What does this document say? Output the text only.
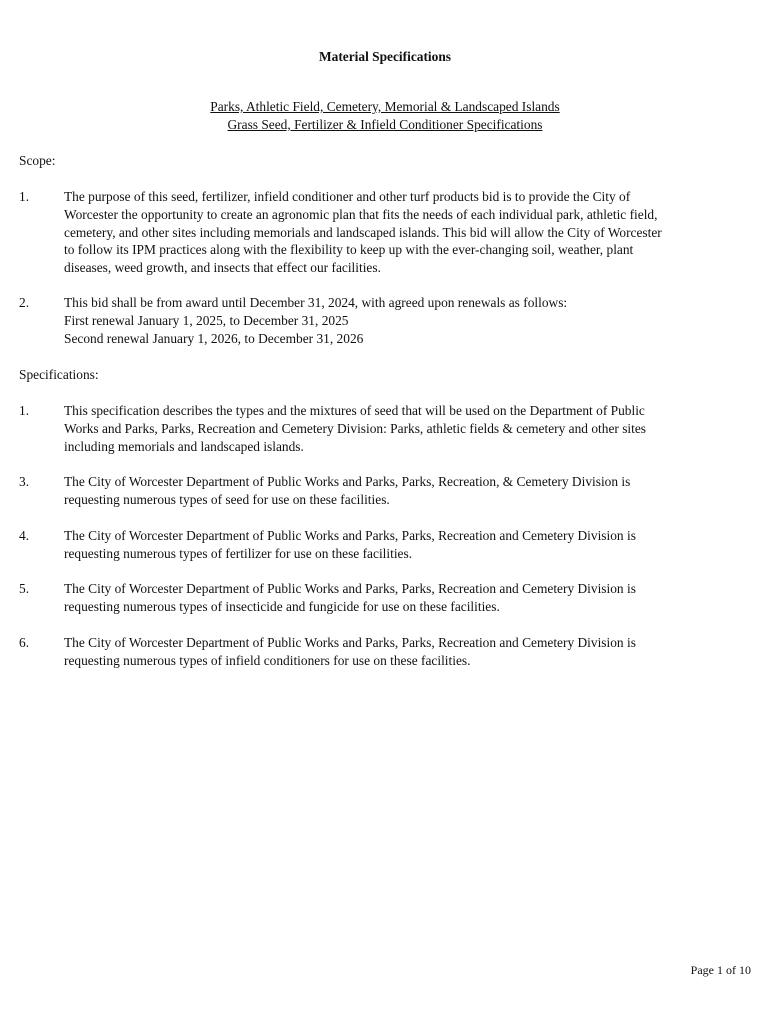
Material Specifications
Parks, Athletic Field, Cemetery, Memorial & Landscaped Islands
Grass Seed, Fertilizer & Infield Conditioner Specifications
Scope:
1.	The purpose of this seed, fertilizer, infield conditioner and other turf products bid is to provide the City of
Worcester the opportunity to create an agronomic plan that fits the needs of each individual park, athletic field,
cemetery, and other sites including memorials and landscaped islands. This bid will allow the City of Worcester
to follow its IPM practices along with the flexibility to keep up with the ever-changing soil, weather, plant
diseases, weed growth, and insects that effect our facilities.
2.	This bid shall be from award until December 31, 2024, with agreed upon renewals as follows:
First renewal January 1, 2025, to December 31, 2025
Second renewal January 1, 2026, to December 31, 2026
Specifications:
1.	This specification describes the types and the mixtures of seed that will be used on the Department of Public
Works and Parks, Parks, Recreation and Cemetery Division: Parks, athletic fields & cemetery and other sites
including memorials and landscaped islands.
3.	The City of Worcester Department of Public Works and Parks, Parks, Recreation, & Cemetery Division is
requesting numerous types of seed for use on these facilities.
4.	The City of Worcester Department of Public Works and Parks, Parks, Recreation and Cemetery Division is
requesting numerous types of fertilizer for use on these facilities.
5.	The City of Worcester Department of Public Works and Parks, Parks, Recreation and Cemetery Division is
requesting numerous types of insecticide and fungicide for use on these facilities.
6.	The City of Worcester Department of Public Works and Parks, Parks, Recreation and Cemetery Division is
requesting numerous types of infield conditioners for use on these facilities.
Page 1 of 10
